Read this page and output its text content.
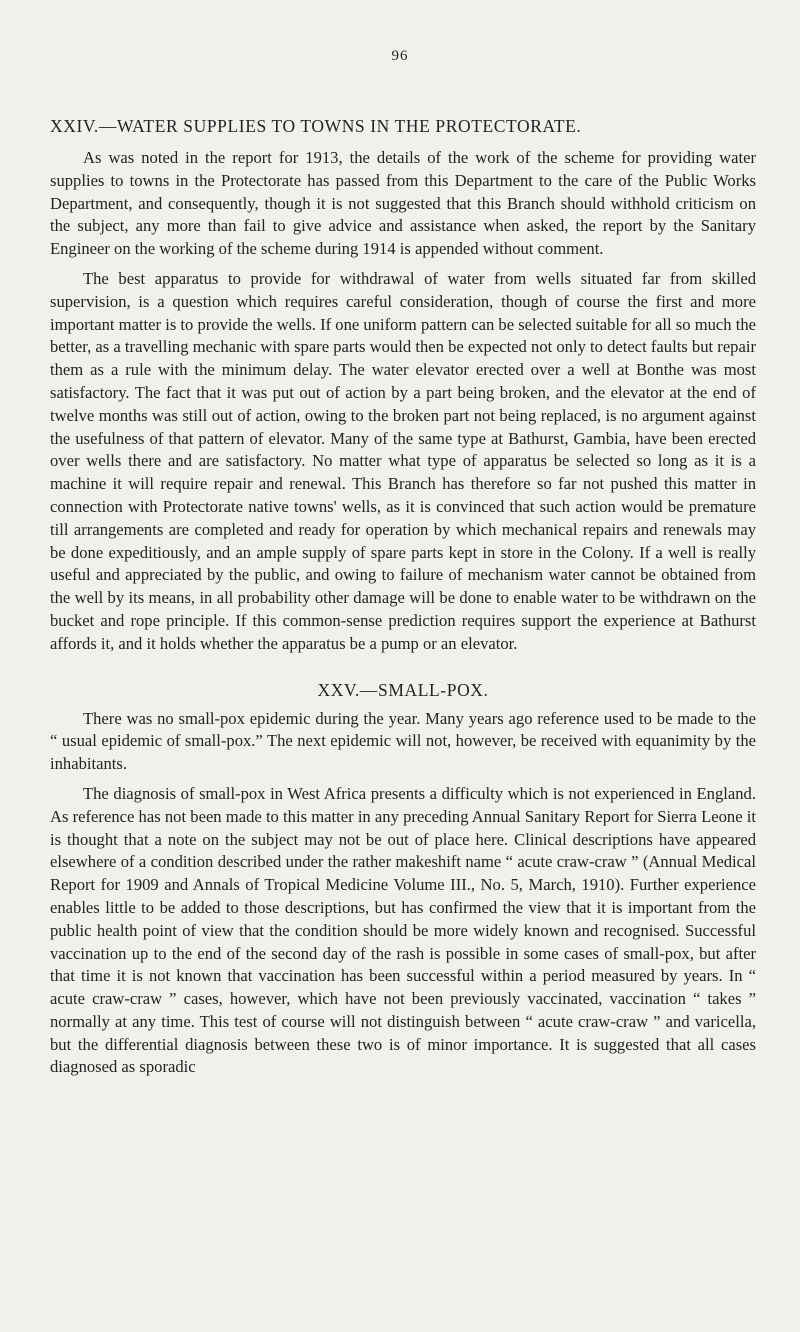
96
XXIV.—WATER SUPPLIES TO TOWNS IN THE PROTECTORATE.

As was noted in the report for 1913, the details of the work of the scheme for providing water supplies to towns in the Protectorate has passed from this Department to the care of the Public Works Department, and consequently, though it is not suggested that this Branch should withhold criticism on the subject, any more than fail to give advice and assistance when asked, the report by the Sanitary Engineer on the working of the scheme during 1914 is appended without comment.

The best apparatus to provide for withdrawal of water from wells situated far from skilled supervision, is a question which requires careful consideration, though of course the first and more important matter is to provide the wells. If one uniform pattern can be selected suitable for all so much the better, as a travelling mechanic with spare parts would then be expected not only to detect faults but repair them as a rule with the minimum delay. The water elevator erected over a well at Bonthe was most satisfactory. The fact that it was put out of action by a part being broken, and the elevator at the end of twelve months was still out of action, owing to the broken part not being replaced, is no argument against the usefulness of that pattern of elevator. Many of the same type at Bathurst, Gambia, have been erected over wells there and are satisfactory. No matter what type of apparatus be selected so long as it is a machine it will require repair and renewal. This Branch has therefore so far not pushed this matter in connection with Protectorate native towns' wells, as it is convinced that such action would be premature till arrangements are completed and ready for operation by which mechanical repairs and renewals may be done expeditiously, and an ample supply of spare parts kept in store in the Colony. If a well is really useful and appreciated by the public, and owing to failure of mechanism water cannot be obtained from the well by its means, in all probability other damage will be done to enable water to be withdrawn on the bucket and rope principle. If this common-sense prediction requires support the experience at Bathurst affords it, and it holds whether the apparatus be a pump or an elevator.

XXV.—SMALL-POX.

There was no small-pox epidemic during the year. Many years ago reference used to be made to the “ usual epidemic of small-pox.” The next epidemic will not, however, be received with equanimity by the inhabitants.

The diagnosis of small-pox in West Africa presents a difficulty which is not experienced in England. As reference has not been made to this matter in any preceding Annual Sanitary Report for Sierra Leone it is thought that a note on the subject may not be out of place here. Clinical descriptions have appeared elsewhere of a condition described under the rather makeshift name “ acute craw-craw ” (Annual Medical Report for 1909 and Annals of Tropical Medicine Volume III., No. 5, March, 1910). Further experience enables little to be added to those descriptions, but has confirmed the view that it is important from the public health point of view that the condition should be more widely known and recognised. Successful vaccination up to the end of the second day of the rash is possible in some cases of small-pox, but after that time it is not known that vaccination has been successful within a period measured by years. In “ acute craw-craw ” cases, however, which have not been previously vaccinated, vaccination “ takes ” normally at any time. This test of course will not distinguish between “ acute craw-craw ” and varicella, but the differential diagnosis between these two is of minor importance. It is suggested that all cases diagnosed as sporadic
